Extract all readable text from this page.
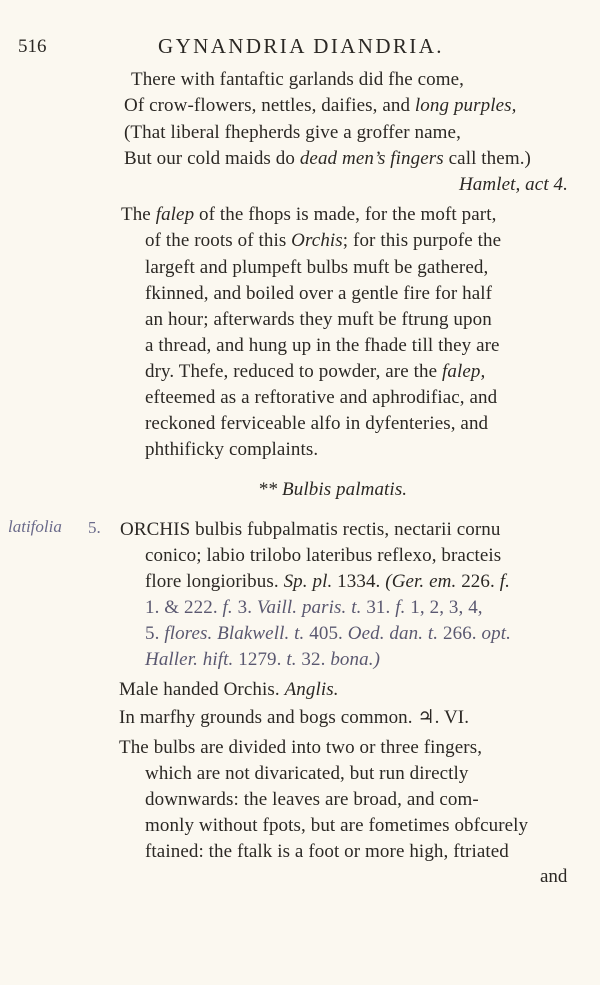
516	GYNANDRIA DIANDRIA.
There with fantaftic garlands did fhe come,
Of crow-flowers, nettles, daifies, and long purples,
(That liberal fhepherds give a groffer name,
But our cold maids do dead men’s fingers call them.)
Hamlet, act 4.
The falep of the fhops is made, for the moft part,
of the roots of this Orchis; for this purpofe the
largeft and plumpeft bulbs muft be gathered,
fkinned, and boiled over a gentle fire for half
an hour; afterwards they muft be ftrung upon
a thread, and hung up in the fhade till they are
dry. Thefe, reduced to powder, are the falep,
efteemed as a reftorative and aphrodifiac, and
reckoned ferviceable alfo in dyfenteries, and
phthificky complaints.
** Bulbis palmatis.
latifolia 5. ORCHIS bulbis fubpalmatis rectis, nectarii cornu
conico; labio trilobo lateribus reflexo, bracteis
flore longioribus. Sp. pl. 1334. (Ger. em. 226. f.
1. & 222. f. 3. Vaill. paris. t. 31. f. 1, 2, 3, 4,
5. flores. Blakwell. t. 405. Oed. dan. t. 266. opt.
Haller. hift. 1279. t. 32. bona.)
Male handed Orchis. Anglis.
In marfhy grounds and bogs common. ♃. VI.
The bulbs are divided into two or three fingers,
which are not divaricated, but run directly
downwards: the leaves are broad, and com-
monly without fpots, but are fometimes obfcurely
ftained: the ftalk is a foot or more high, ftriated
and
